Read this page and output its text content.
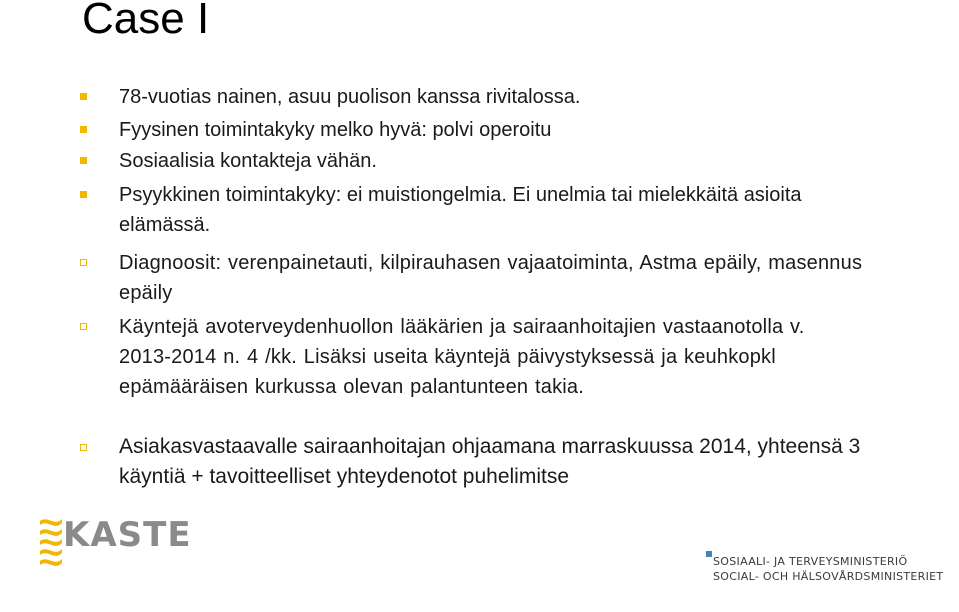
Case I
78-vuotias nainen, asuu puolison kanssa rivitalossa.
Fyysinen toimintakyky melko hyvä: polvi operoitu
Sosiaalisia kontakteja vähän.
Psyykkinen toimintakyky: ei muistiongelmia. Ei unelmia tai mielekkäitä asioita elämässä.
Diagnoosit: verenpainetauti, kilpirauhasen vajaatoiminta, Astma epäily, masennus epäily
Käyntejä avoterveydenhuollon lääkärien ja sairaanhoitajien vastaanotolla v. 2013-2014 n. 4 /kk. Lisäksi useita käyntejä päivystyksessä ja keuhkopkl epämääräisen kurkussa olevan palantunteen takia.
Asiakasvastaavalle sairaanhoitajan ohjaamana marraskuussa 2014, yhteensä 3 käyntiä + tavoitteelliset yhteydenotot puhelimitse
KASTE
SOSIAALI- JA TERVEYSMINISTERIÖ
SOCIAL- OCH HÄLSOVÅRDSMINISTERIET
